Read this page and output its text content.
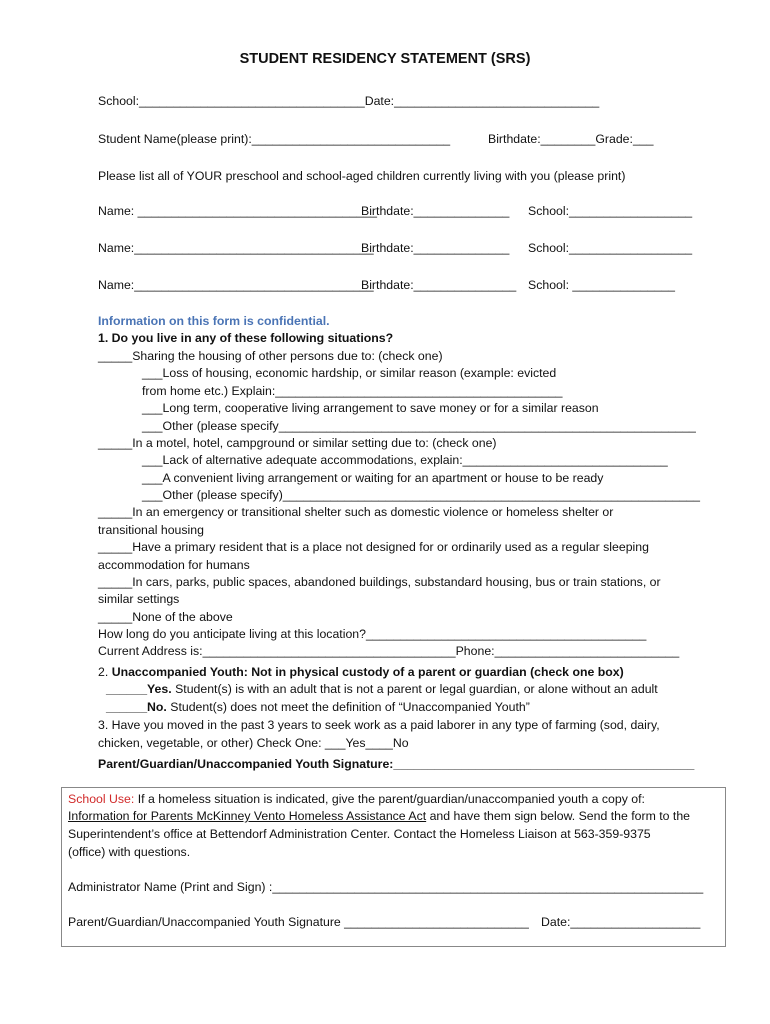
STUDENT RESIDENCY STATEMENT (SRS)
School:_________________________________Date:______________________________
Student Name(please print):_____________________________	Birthdate:________Grade:___
Please list all of YOUR preschool and school-aged children currently living with you (please print)
Name: ___________________________________
Birthdate:______________ School:__________________
Name:___________________________________
Birthdate:______________ School:__________________
Name:___________________________________
Birthdate:_______________ School: _______________
Information on this form is confidential.
1. Do you live in any of these following situations?
_____Sharing the housing of other persons due to: (check one)
___Loss of housing, economic hardship, or similar reason (example: evicted
from home etc.) Explain:__________________________________________
___Long term, cooperative living arrangement to save money or for a similar reason
___Other (please specify_____________________________________________________________
_____In a motel, hotel, campground or similar setting due to: (check one)
___Lack of alternative adequate accommodations, explain:______________________________
___A convenient living arrangement or waiting for an apartment or house to be ready
___Other (please specify)_____________________________________________________________
_____In an emergency or transitional shelter such as domestic violence or homeless shelter or
transitional housing
_____Have a primary resident that is a place not designed for or ordinarily used as a regular sleeping
accommodation for humans
_____In cars, parks, public spaces, abandoned buildings, substandard housing, bus or train stations, or
similar settings
_____None of the above
How long do you anticipate living at this location?_________________________________________
Current Address is:_____________________________________Phone:___________________________
2. Unaccompanied Youth: Not in physical custody of a parent or guardian (check one box)
______Yes. Student(s) is with an adult that is not a parent or legal guardian, or alone without an adult
______No. Student(s) does not meet the definition of “Unaccompanied Youth”
3. Have you moved in the past 3 years to seek work as a paid laborer in any type of farming (sod, dairy,
chicken, vegetable, or other) Check One: ___Yes____No
Parent/Guardian/Unaccompanied Youth Signature:____________________________________________
School Use: If a homeless situation is indicated, give the parent/guardian/unaccompanied youth a copy of:
Information for Parents McKinney Vento Homeless Assistance Act and have them sign below. Send the form to the
Superintendent’s office at Bettendorf Administration Center. Contact the Homeless Liaison at 563-359-9375
(office) with questions.
Administrator Name (Print and Sign) :_______________________________________________________________
Parent/Guardian/Unaccompanied Youth Signature ___________________________ Date:___________________
